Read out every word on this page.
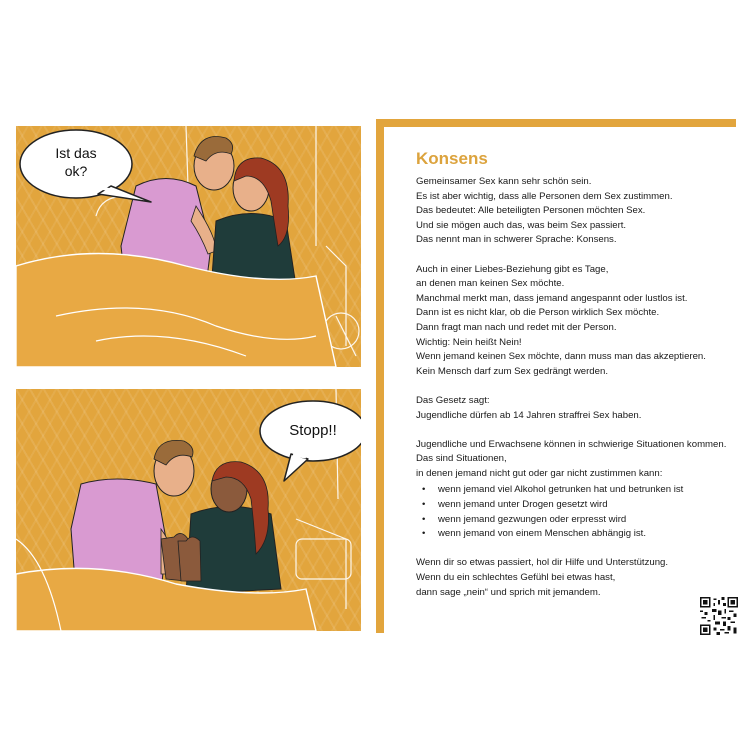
Ist das
ok?
Stopp!!
Konsens

Gemeinsamer Sex kann sehr schön sein.
Es ist aber wichtig, dass alle Personen dem Sex zustimmen.
Das bedeutet: Alle beteiligten Personen möchten Sex.
Und sie mögen auch das, was beim Sex passiert.
Das nennt man in schwerer Sprache: Konsens.

Auch in einer Liebes-Beziehung gibt es Tage,
an denen man keinen Sex möchte.
Manchmal merkt man, dass jemand angespannt oder lustlos ist.
Dann ist es nicht klar, ob die Person wirklich Sex möchte.
Dann fragt man nach und redet mit der Person.
Wichtig: Nein heißt Nein!
Wenn jemand keinen Sex möchte, dann muss man das akzeptieren.
Kein Mensch darf zum Sex gedrängt werden.

Das Gesetz sagt:
Jugendliche dürfen ab 14 Jahren straffrei Sex haben.

Jugendliche und Erwachsene können in schwierige Situationen kommen.
Das sind Situationen,
in denen jemand nicht gut oder gar nicht zustimmen kann:

• wenn jemand viel Alkohol getrunken hat und betrunken ist
• wenn jemand unter Drogen gesetzt wird
• wenn jemand gezwungen oder erpresst wird
• wenn jemand von einem Menschen abhängig ist.

Wenn dir so etwas passiert, hol dir Hilfe und Unterstützung.
Wenn du ein schlechtes Gefühl bei etwas hast,
dann sage „nein“ und sprich mit jemandem.
